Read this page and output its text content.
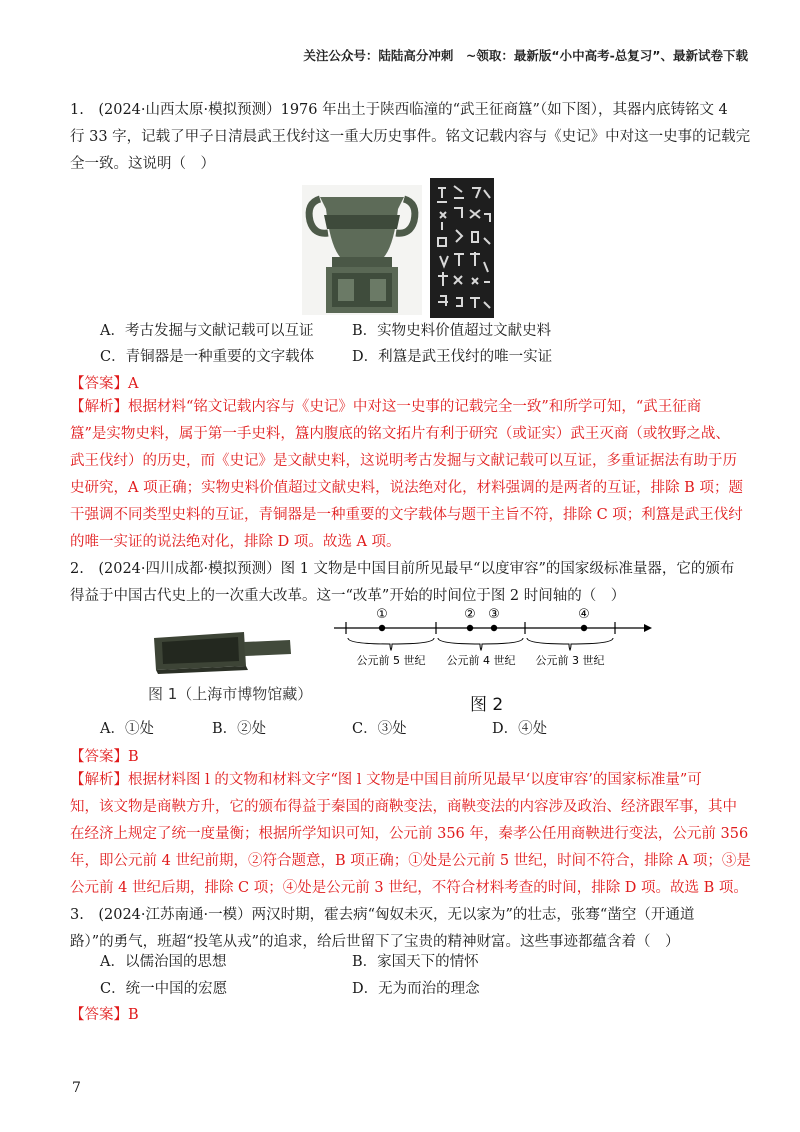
关注公众号：陆陆高分冲刺　~领取：最新版“小中高考-总复习”、最新试卷下载
1.　(2024·山西太原·模拟预测）1976 年出土于陕西临潼的“武王征商簋”（如下图），其器内底铸铭文 4
行 33 字，记载了甲子日清晨武王伐纣这一重大历史事件。铭文记载内容与《史记》中对这一史事的记载完
全一致。这说明（　）
A．考古发掘与文献记载可以互证	B．实物史料价值超过文献史料
C．青铜器是一种重要的文字载体	D．利簋是武王伐纣的唯一实证
【答案】A
【解析】根据材料“铭文记载内容与《史记》中对这一史事的记载完全一致”和所学可知，“武王征商
簋”是实物史料，属于第一手史料，簋内腹底的铭文拓片有利于研究（或证实）武王灭商（或牧野之战、
武王伐纣）的历史，而《史记》是文献史料，这说明考古发掘与文献记载可以互证，多重证据法有助于历
史研究，A 项正确；实物史料价值超过文献史料，说法绝对化，材料强调的是两者的互证，排除 B 项；题
干强调不同类型史料的互证，青铜器是一种重要的文字载体与题干主旨不符，排除 C 项；利簋是武王伐纣
的唯一实证的说法绝对化，排除 D 项。故选 A 项。
2.　(2024·四川成都·模拟预测）图 1 文物是中国目前所见最早“以度审容”的国家级标准量器，它的颁布
得益于中国古代史上的一次重大改革。这一“改革”开始的时间位于图 2 时间轴的（　）
图 1（上海市博物馆藏）
①	② ③	④
公元前 5 世纪 公元前 4 世纪 公元前 3 世纪
图 2
A．①处	B．②处	C．③处	D．④处
【答案】B
【解析】根据材料图 l 的文物和材料文字“图 l 文物是中国目前所见最早‘以度审容’的国家标准量”可
知，该文物是商鞅方升，它的颁布得益于秦国的商鞅变法，商鞅变法的内容涉及政治、经济跟军事，其中
在经济上规定了统一度量衡；根据所学知识可知，公元前 356 年，秦孝公任用商鞅进行变法，公元前 356
年，即公元前 4 世纪前期，②符合题意，B 项正确；①处是公元前 5 世纪，时间不符合，排除 A 项；③是
公元前 4 世纪后期，排除 C 项；④处是公元前 3 世纪，不符合材料考查的时间，排除 D 项。故选 B 项。
3.　(2024·江苏南通·一模）两汉时期，霍去病“匈奴未灭，无以家为”的壮志，张骞“凿空（开通道
路）”的勇气，班超“投笔从戎”的追求，给后世留下了宝贵的精神财富。这些事迹都蕴含着（　）
A．以儒治国的思想	B．家国天下的情怀
C．统一中国的宏愿	D．无为而治的理念
【答案】B
7
